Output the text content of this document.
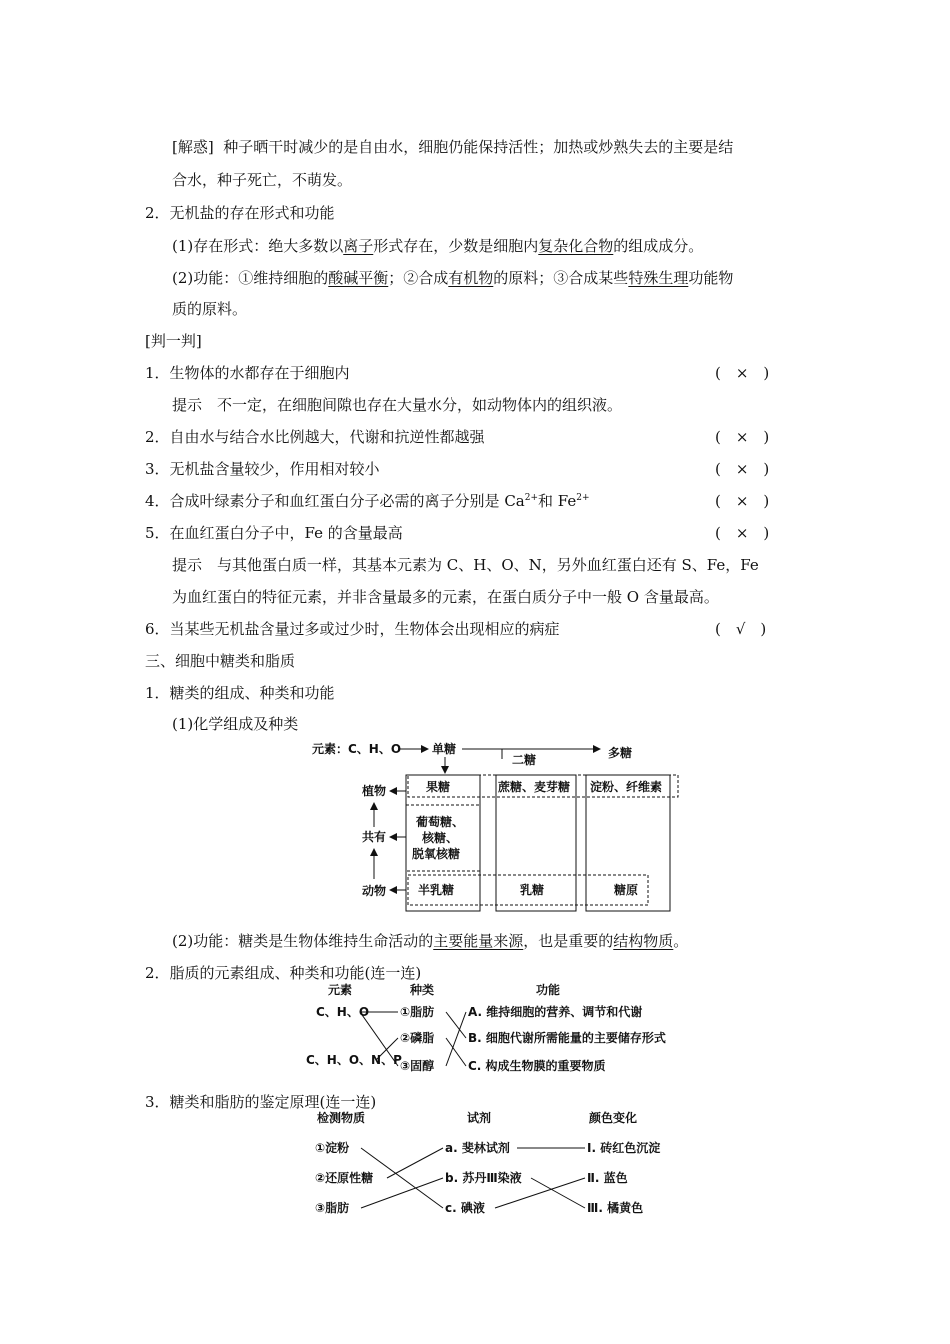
[解惑] 种子晒干时减少的是自由水，细胞仍能保持活性；加热或炒熟失去的主要是结

合水，种子死亡，不萌发。

2．无机盐的存在形式和功能

(1)存在形式：绝大多数以离子形式存在，少数是细胞内复杂化合物的组成成分。

(2)功能：①维持细胞的酸碱平衡；②合成有机物的原料；③合成某些特殊生理功能物

质的原料。

[判一判]

1．生物体的水都存在于细胞内	(　×　)

提示　不一定，在细胞间隙也存在大量水分，如动物体内的组织液。

2．自由水与结合水比例越大，代谢和抗逆性都越强	(　×　)

3．无机盐含量较少，作用相对较小	(　×　)

4．合成叶绿素分子和血红蛋白分子必需的离子分别是 $Ca^{2+}$和 $Fe^{2+}$	(　×　)

5．在血红蛋白分子中，Fe 的含量最高	(　×　)

提示　与其他蛋白质一样，其基本元素为 C、H、O、N，另外血红蛋白还有 S、Fe，Fe

为血红蛋白的特征元素，并非含量最多的元素，在蛋白质分子中一般 O 含量最高。

6．当某些无机盐含量过多或过少时，生物体会出现相应的病症	(　√　)

三、细胞中糖类和脂质

1．糖类的组成、种类和功能

(1)化学组成及种类

元素：C、H、O	单糖
二糖	多糖
植物
共有
动物
果糖	蔗糖、麦芽糖 淀粉、纤维素
葡萄糖、
核糖、
脱氧核糖
半乳糖	乳糖	糖原

(2)功能：糖类是生物体维持生命活动的主要能量来源，也是重要的结构物质。

2．脂质的元素组成、种类和功能(连一连)

元素	种类	功能
C、H、O
C、H、O、N、P
①脂肪
②磷脂
③固醇
A. 维持细胞的营养、调节和代谢
B. 细胞代谢所需能量的主要储存形式
C. 构成生物膜的重要物质

3．糖类和脂肪的鉴定原理(连一连)

检测物质	试剂	颜色变化
①淀粉
②还原性糖
③脂肪
a. 斐林试剂
b. 苏丹Ⅲ染液
c. 碘液
Ⅰ. 砖红色沉淀
Ⅱ. 蓝色
Ⅲ. 橘黄色
